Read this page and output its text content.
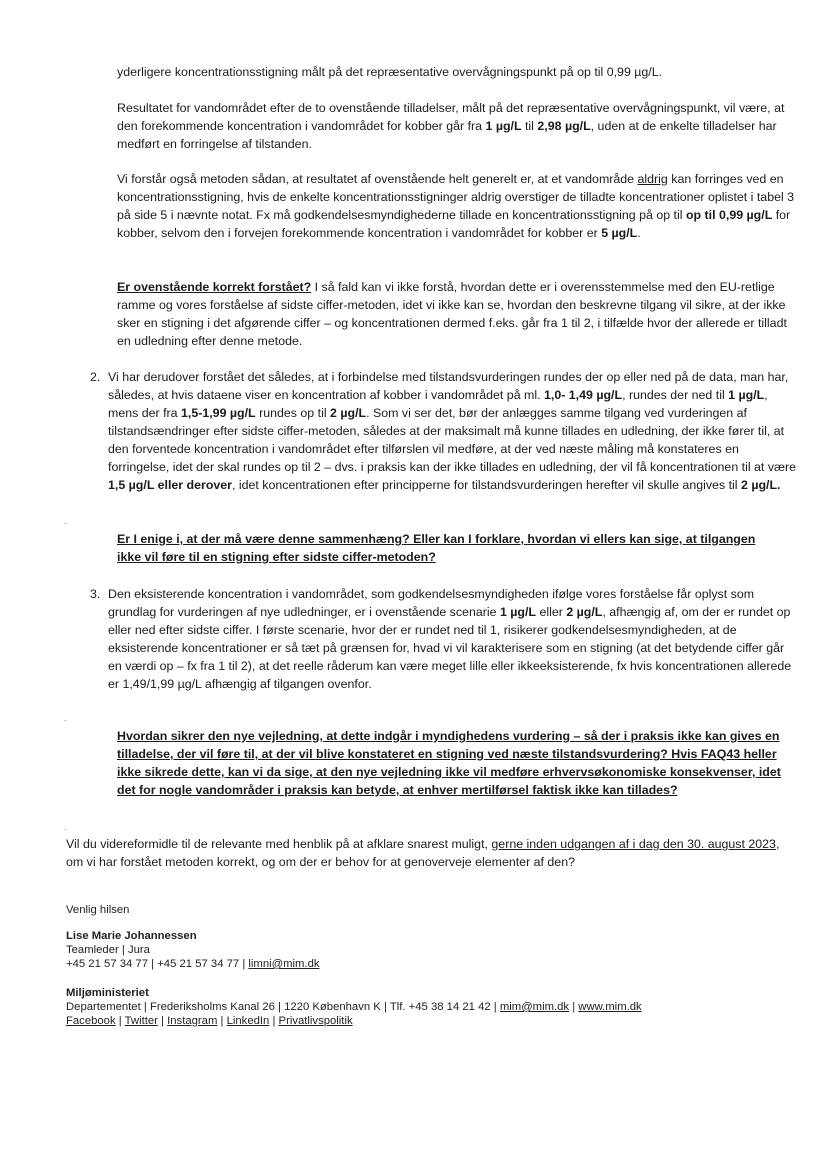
yderligere koncentrationsstigning målt på det repræsentative overvågningspunkt på op til 0,99 µg/L.

Resultatet for vandområdet efter de to ovenstående tilladelser, målt på det repræsentative overvågningspunkt, vil være, at den forekommende koncentration i vandområdet for kobber går fra 1 µg/L til 2,98 µg/L, uden at de enkelte tilladelser har medført en forringelse af tilstanden.

Vi forstår også metoden sådan, at resultatet af ovenstående helt generelt er, at et vandområde aldrig kan forringes ved en koncentrationsstigning, hvis de enkelte koncentrationsstigninger aldrig overstiger de tilladte koncentrationer oplistet i tabel 3 på side 5 i nævnte notat. Fx må godkendelsesmyndighederne tillade en koncentrationsstigning på op til op til 0,99 µg/L for kobber, selvom den i forvejen forekommende koncentration i vandområdet for kobber er 5 µg/L.

Er ovenstående korrekt forstået? I så fald kan vi ikke forstå, hvordan dette er i overensstemmelse med den EU-retlige ramme og vores forståelse af sidste ciffer-metoden, idet vi ikke kan se, hvordan den beskrevne tilgang vil sikre, at der ikke sker en stigning i det afgørende ciffer – og koncentrationen dermed f.eks. går fra 1 til 2, i tilfælde hvor der allerede er tilladt en udledning efter denne metode.

2. Vi har derudover forstået det således, at i forbindelse med tilstandsvurderingen rundes der op eller ned på de data, man har, således, at hvis dataene viser en koncentration af kobber i vandområdet på ml. 1,0- 1,49 µg/L, rundes der ned til 1 µg/L, mens der fra 1,5-1,99 µg/L rundes op til 2 µg/L. Som vi ser det, bør der anlægges samme tilgang ved vurderingen af tilstandsændringer efter sidste ciffer-metoden, således at der maksimalt må kunne tillades en udledning, der ikke fører til, at den forventede koncentration i vandområdet efter tilførslen vil medføre, at der ved næste måling må konstateres en forringelse, idet der skal rundes op til 2 – dvs. i praksis kan der ikke tillades en udledning, der vil få koncentrationen til at være 1,5 µg/L eller derover, idet koncentrationen efter principperne for tilstandsvurderingen herefter vil skulle angives til 2 µg/L.

-

Er I enige i, at der må være denne sammenhæng? Eller kan I forklare, hvordan vi ellers kan sige, at tilgangen ikke vil føre til en stigning efter sidste ciffer-metoden?

3. Den eksisterende koncentration i vandområdet, som godkendelsesmyndigheden ifølge vores forståelse får oplyst som grundlag for vurderingen af nye udledninger, er i ovenstående scenarie 1 µg/L eller 2 µg/L, afhængig af, om der er rundet op eller ned efter sidste ciffer. I første scenarie, hvor der er rundet ned til 1, risikerer godkendelsesmyndigheden, at de eksisterende koncentrationer er så tæt på grænsen for, hvad vi vil karakterisere som en stigning (at det betydende ciffer går en værdi op – fx fra 1 til 2), at det reelle råderum kan være meget lille eller ikkeeksisterende, fx hvis koncentrationen allerede er 1,49/1,99 µg/L afhængig af tilgangen ovenfor.

-

Hvordan sikrer den nye vejledning, at dette indgår i myndighedens vurdering – så der i praksis ikke kan gives en tilladelse, der vil føre til, at der vil blive konstateret en stigning ved næste tilstandsvurdering? Hvis FAQ43 heller ikke sikrede dette, kan vi da sige, at den nye vejledning ikke vil medføre erhvervsøkonomiske konsekvenser, idet det for nogle vandområder i praksis kan betyde, at enhver mertilførsel faktisk ikke kan tillades?

-

Vil du videreformidle til de relevante med henblik på at afklare snarest muligt, gerne inden udgangen af i dag den 30. august 2023, om vi har forstået metoden korrekt, og om der er behov for at genoverveje elementer af den?

Venlig hilsen
Lise Marie Johannessen
Teamleder | Jura
+45 21 57 34 77 | +45 21 57 34 77 | limni@mim.dk
Miljøministeriet
Departementet | Frederiksholms Kanal 26 | 1220 København K | Tlf. +45 38 14 21 42 | mim@mim.dk | www.mim.dk
Facebook | Twitter | Instagram | LinkedIn | Privatlivspolitik
